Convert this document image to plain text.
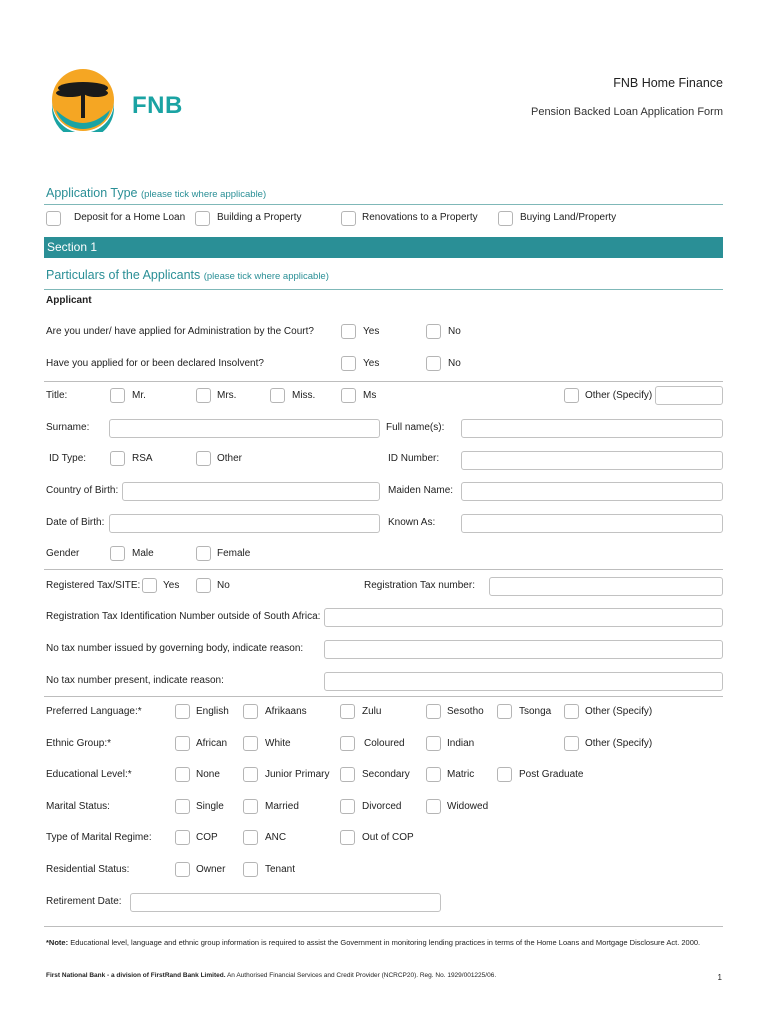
FNB
FNB Home Finance
Pension Backed Loan Application Form
Application Type (please tick where applicable)
Deposit for a Home Loan	Building a Property	Renovations to a Property	Buying Land/Property
Section 1
Particulars of the Applicants (please tick where applicable)
Applicant
Are you under/ have applied for Administration by the Court?	Yes	No
Have you applied for or been declared Insolvent?	Yes	No
Title:	Mr.	Mrs.	Miss.	Ms	Other (Specify)
Surname:	Full name(s):
ID Type:	RSA	Other	ID Number:
Country of Birth:	Maiden Name:
Date of Birth:	Known As:
Gender	Male	Female
Registered Tax/SITE: Yes	No	Registration Tax number:
Registration Tax Identification Number outside of South Africa:
No tax number issued by governing body, indicate reason:
No tax number present, indicate reason:
Preferred Language:*	English	Afrikaans	Zulu	Sesotho	Tsonga	Other (Specify)
Ethnic Group:*	African	White	Coloured	Indian	Other (Specify)
Educational Level:*	None	Junior Primary	Secondary	Matric	Post Graduate
Marital Status:	Single	Married	Divorced	Widowed
Type of Marital Regime:	COP	ANC	Out of COP
Residential Status:	Owner	Tenant
Retirement Date:
*Note: Educational level, language and ethnic group information is required to assist the Government in monitoring lending practices in terms of the Home Loans and Mortgage Disclosure Act. 2000.
First National Bank - a division of FirstRand Bank Limited. An Authorised Financial Services and Credit Provider (NCRCP20). Reg. No. 1929/001225/06.	1
